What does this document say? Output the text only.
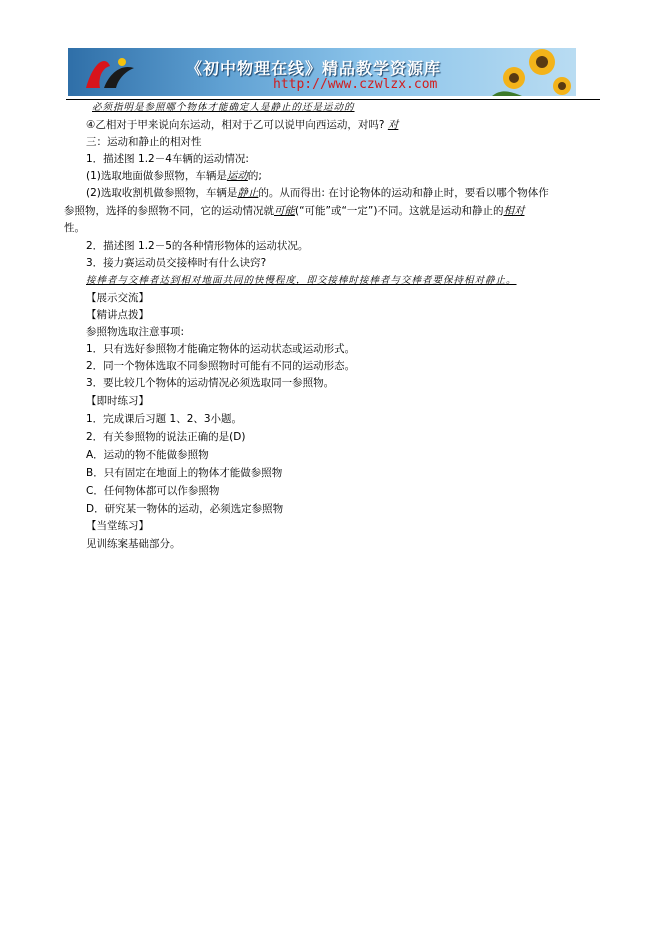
《初中物理在线》精品教学资源库
http://www.czwlzx.com
必须指明是参照哪个物体才能确定人是静止的还是运动的
④乙相对于甲来说向东运动，相对于乙可以说甲向西运动，对吗? 对
三：运动和静止的相对性
1．描述图 1.2－4车辆的运动情况:
(1)选取地面做参照物，车辆是运动的;
(2)选取收割机做参照物，车辆是静止的。从而得出: 在讨论物体的运动和静止时，要看以哪个物体作
参照物，选择的参照物不同，它的运动情况就可能(“可能”或“一定”)不同。这就是运动和静止的相对
性。
2．描述图 1.2－5的各种情形物体的运动状况。
3．接力赛运动员交接棒时有什么诀窍?
接棒者与交棒者达到相对地面共同的快慢程度，即交接棒时接棒者与交棒者要保持相对静止。
【展示交流】
【精讲点拨】
参照物选取注意事项:
1．只有选好参照物才能确定物体的运动状态或运动形式。
2．同一个物体选取不同参照物时可能有不同的运动形态。
3．要比较几个物体的运动情况必须选取同一参照物。
【即时练习】
1．完成课后习题 1、2、3小题。
2．有关参照物的说法正确的是(D)
A．运动的物不能做参照物
B．只有固定在地面上的物体才能做参照物
C．任何物体都可以作参照物
D．研究某一物体的运动，必须选定参照物
【当堂练习】
见训练案基础部分。
